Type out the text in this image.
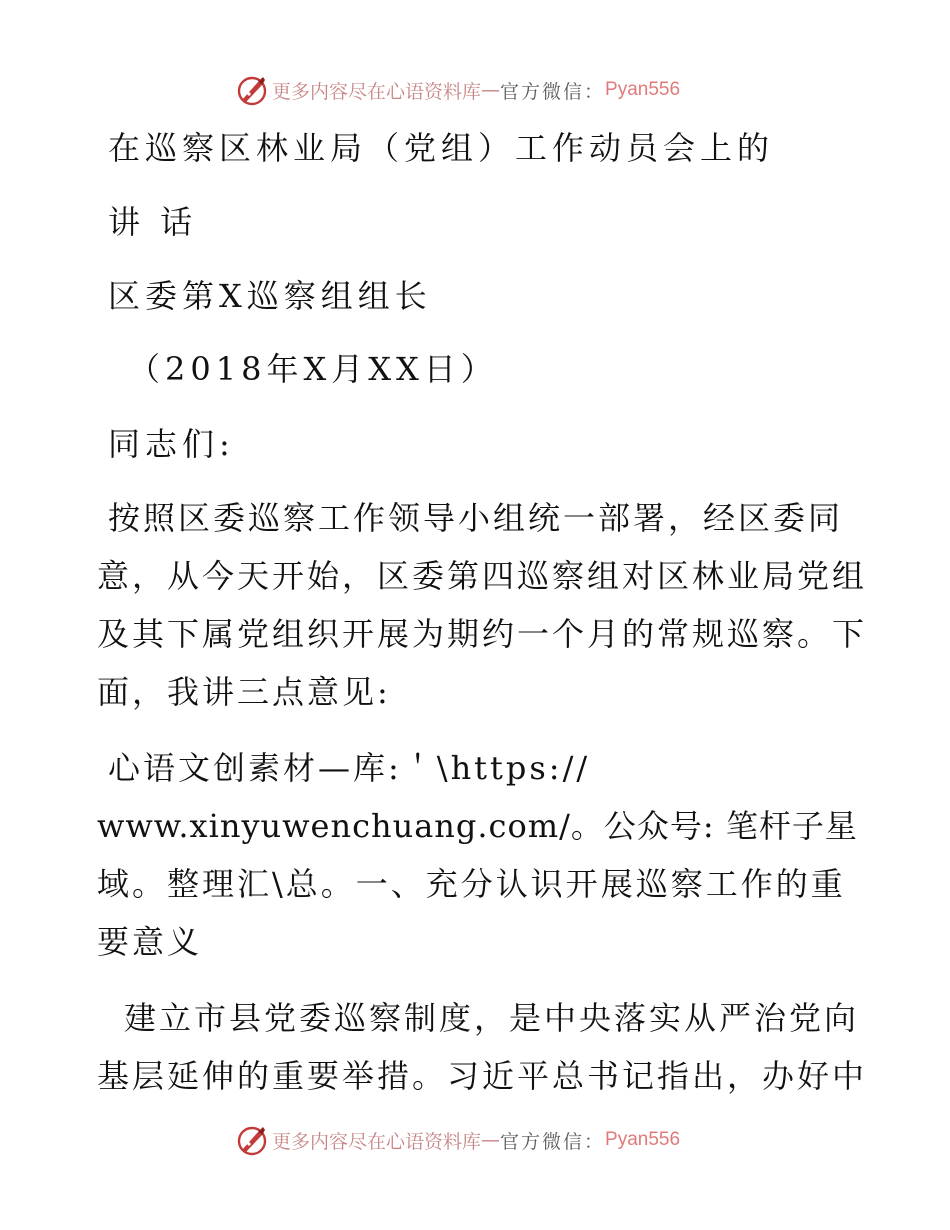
更多内容尽在心语资料库 — 官方微信： Pyan556
在巡察区林业局（党组）工作动员会上的
讲 话
区委第X巡察组组长
（2018年X月XX日）
同志们:
按照区委巡察工作领导小组统一部署，经区委同
意，从今天开始，区委第四巡察组对区林业局党组
及其下属党组织开展为期约一个月的常规巡察。下
面，我讲三点意见:
心语文创素材—库:＇\https://
www.xinyuwenchuang.com/。公众号: 笔杆子星
域。整理汇\总。一、充分认识开展巡察工作的重
要意义
建立市县党委巡察制度，是中央落实从严治党向
基层延伸的重要举措。习近平总书记指出，办好中
更多内容尽在心语资料库 — 官方微信： Pyan556
